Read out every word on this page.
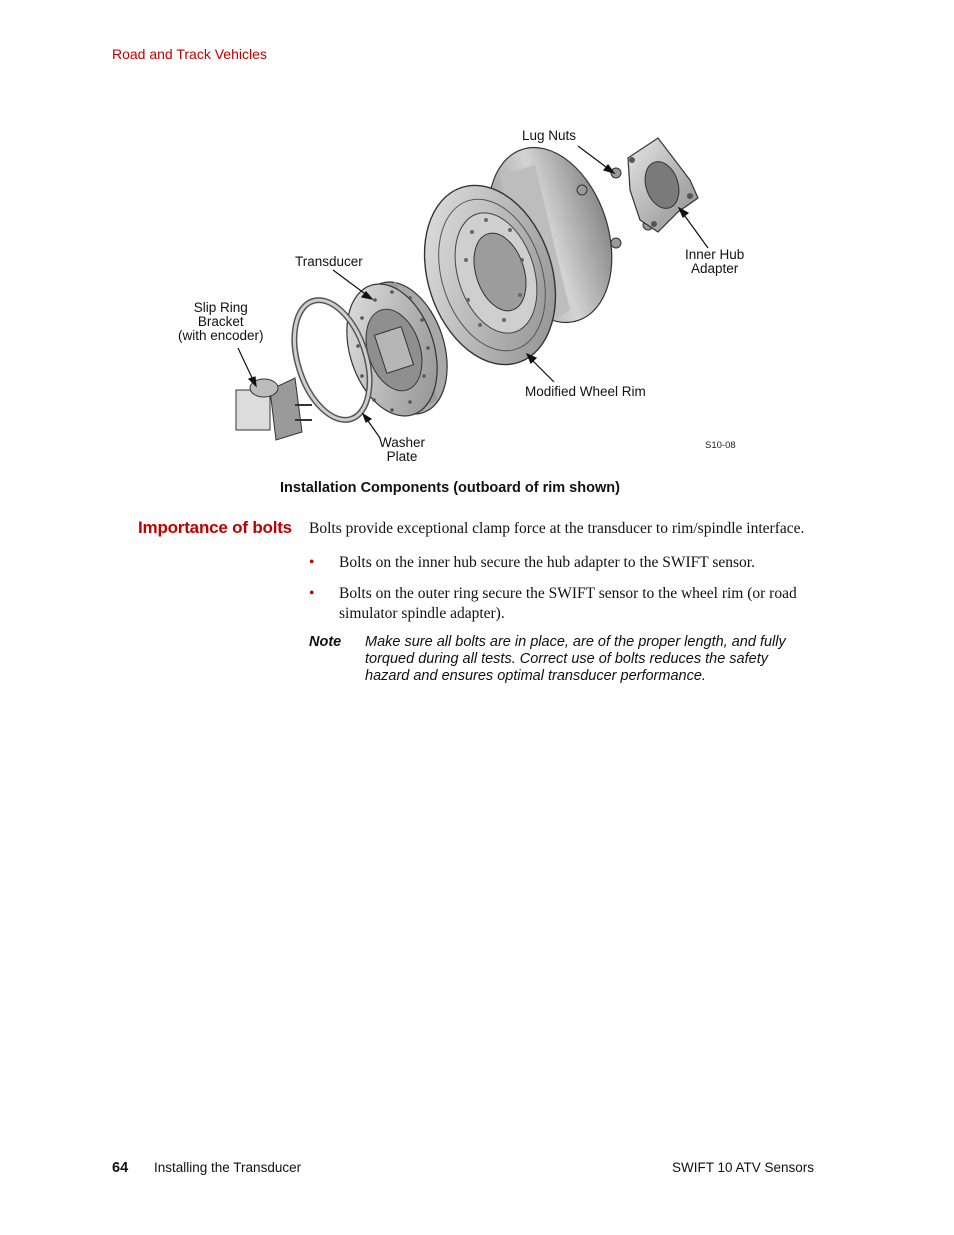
Road and Track Vehicles
Lug Nuts
Inner Hub
Adapter
Transducer
Slip Ring
Bracket
(with encoder)
Modified Wheel Rim
Washer
Plate
S10-08
Installation Components (outboard of rim shown)
Importance of bolts Bolts provide exceptional clamp force at the transducer to rim/spindle interface.
• Bolts on the inner hub secure the hub adapter to the SWIFT sensor.
• Bolts on the outer ring secure the SWIFT sensor to the wheel rim (or road simulator spindle adapter).
Note Make sure all bolts are in place, are of the proper length, and fully torqued during all tests. Correct use of bolts reduces the safety hazard and ensures optimal transducer performance.
64 Installing the Transducer	SWIFT 10 ATV Sensors
